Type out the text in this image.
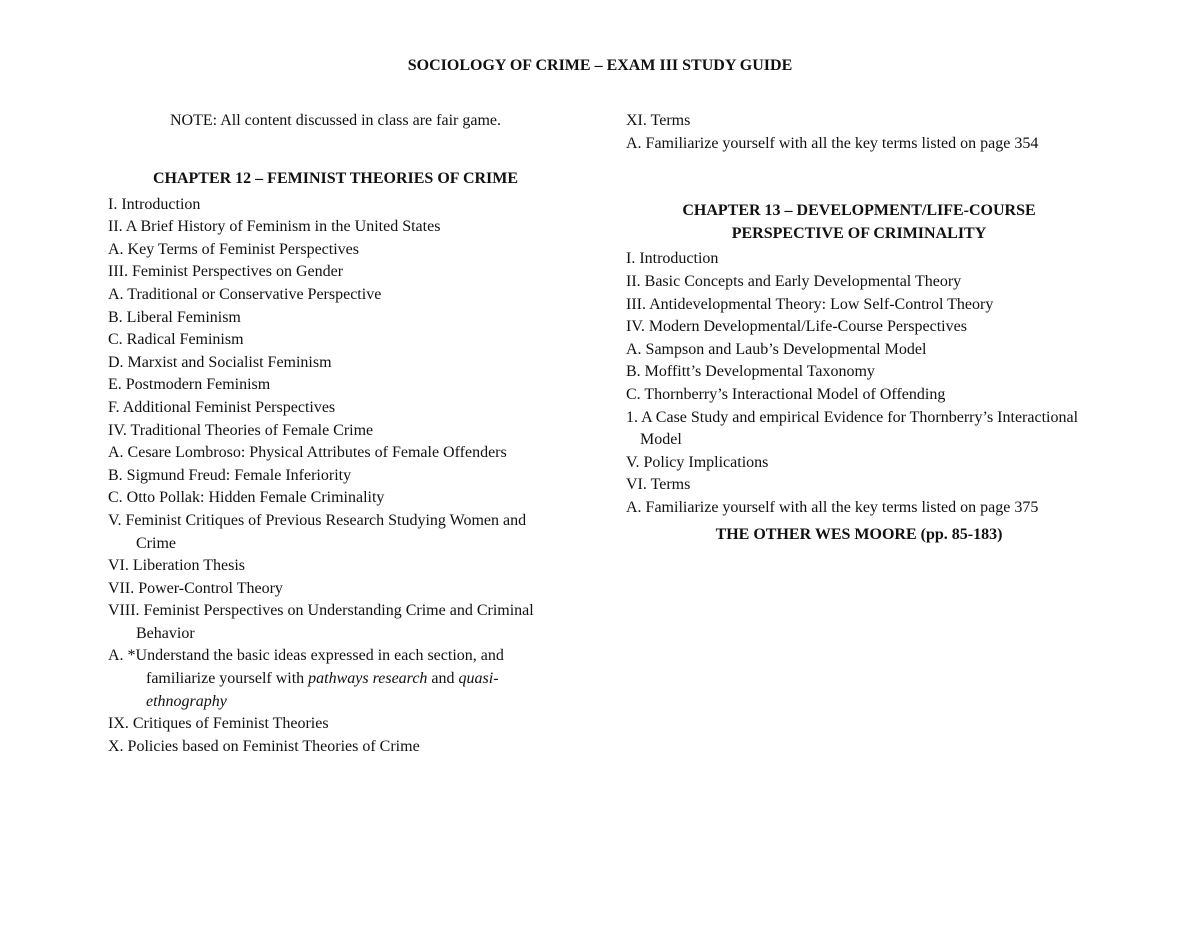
SOCIOLOGY OF CRIME – EXAM III STUDY GUIDE

NOTE: All content discussed in class are fair game.

CHAPTER 12 – FEMINIST THEORIES OF CRIME

I. Introduction
II. A Brief History of Feminism in the United States
A. Key Terms of Feminist Perspectives
III. Feminist Perspectives on Gender
A. Traditional or Conservative Perspective
B. Liberal Feminism
C. Radical Feminism
D. Marxist and Socialist Feminism
E. Postmodern Feminism
F. Additional Feminist Perspectives
IV. Traditional Theories of Female Crime
A. Cesare Lombroso: Physical Attributes of Female Offenders
B. Sigmund Freud: Female Inferiority
C. Otto Pollak: Hidden Female Criminality
V. Feminist Critiques of Previous Research Studying Women and Crime
VI. Liberation Thesis
VII. Power-Control Theory
VIII. Feminist Perspectives on Understanding Crime and Criminal Behavior
A. *Understand the basic ideas expressed in each section, and familiarize yourself with pathways research and quasi-ethnography
IX. Critiques of Feminist Theories
X. Policies based on Feminist Theories of Crime
XI. Terms
A. Familiarize yourself with all the key terms listed on page 354

CHAPTER 13 – DEVELOPMENT/LIFE-COURSE
PERSPECTIVE OF CRIMINALITY

I. Introduction
II. Basic Concepts and Early Developmental Theory
III. Antidevelopmental Theory: Low Self-Control Theory
IV. Modern Developmental/Life-Course Perspectives
A. Sampson and Laub’s Developmental Model
B. Moffitt’s Developmental Taxonomy
C. Thornberry’s Interactional Model of Offending
1. A Case Study and empirical Evidence for Thornberry’s Interactional Model
V. Policy Implications
VI. Terms
A. Familiarize yourself with all the key terms listed on page 375

THE OTHER WES MOORE (pp. 85-183)
